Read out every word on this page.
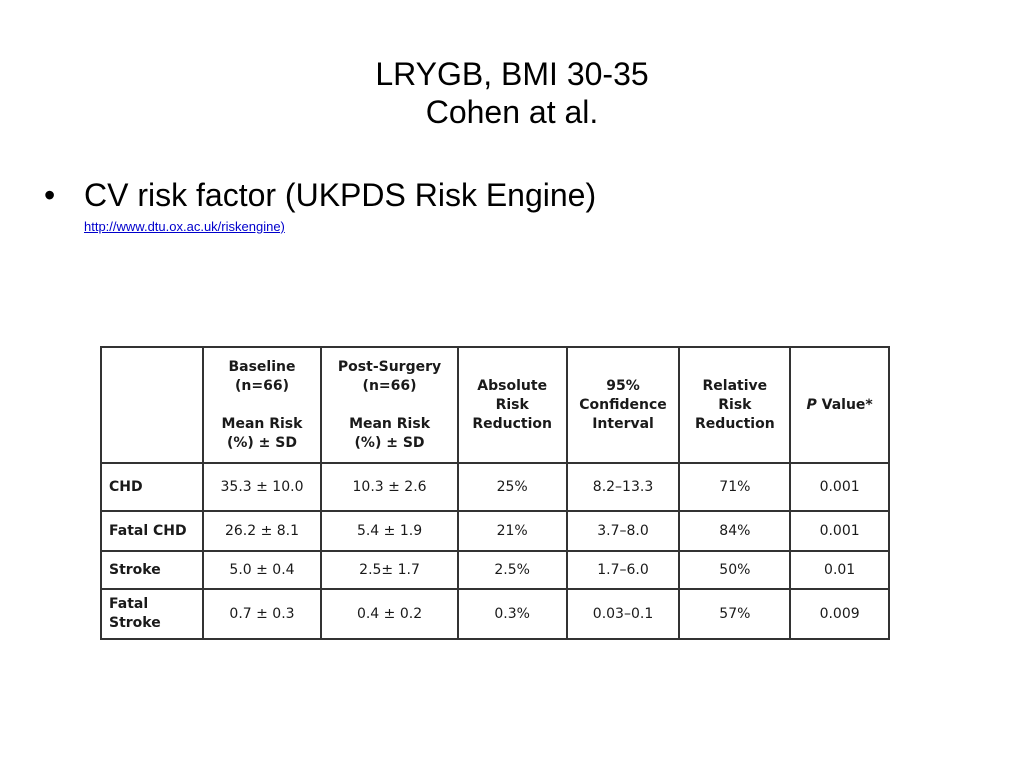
LRYGB, BMI 30-35
Cohen at al.
• CV risk factor (UKPDS Risk Engine)
http://www.dtu.ox.ac.uk/riskengine)

	Baseline
(n=66)
Mean Risk
(%) ± SD	Post-Surgery
(n=66)
Mean Risk
(%) ± SD	Absolute
Risk
Reduction	95%
Confidence
Interval	Relative
Risk
Reduction	P Value*
CHD	35.3 ± 10.0	10.3 ± 2.6	25%	8.2–13.3	71%	0.001
Fatal CHD	26.2 ± 8.1	5.4 ± 1.9	21%	3.7–8.0	84%	0.001
Stroke	5.0 ± 0.4	2.5± 1.7	2.5%	1.7–6.0	50%	0.01
Fatal
Stroke	0.7 ± 0.3	0.4 ± 0.2	0.3%	0.03–0.1	57%	0.009
